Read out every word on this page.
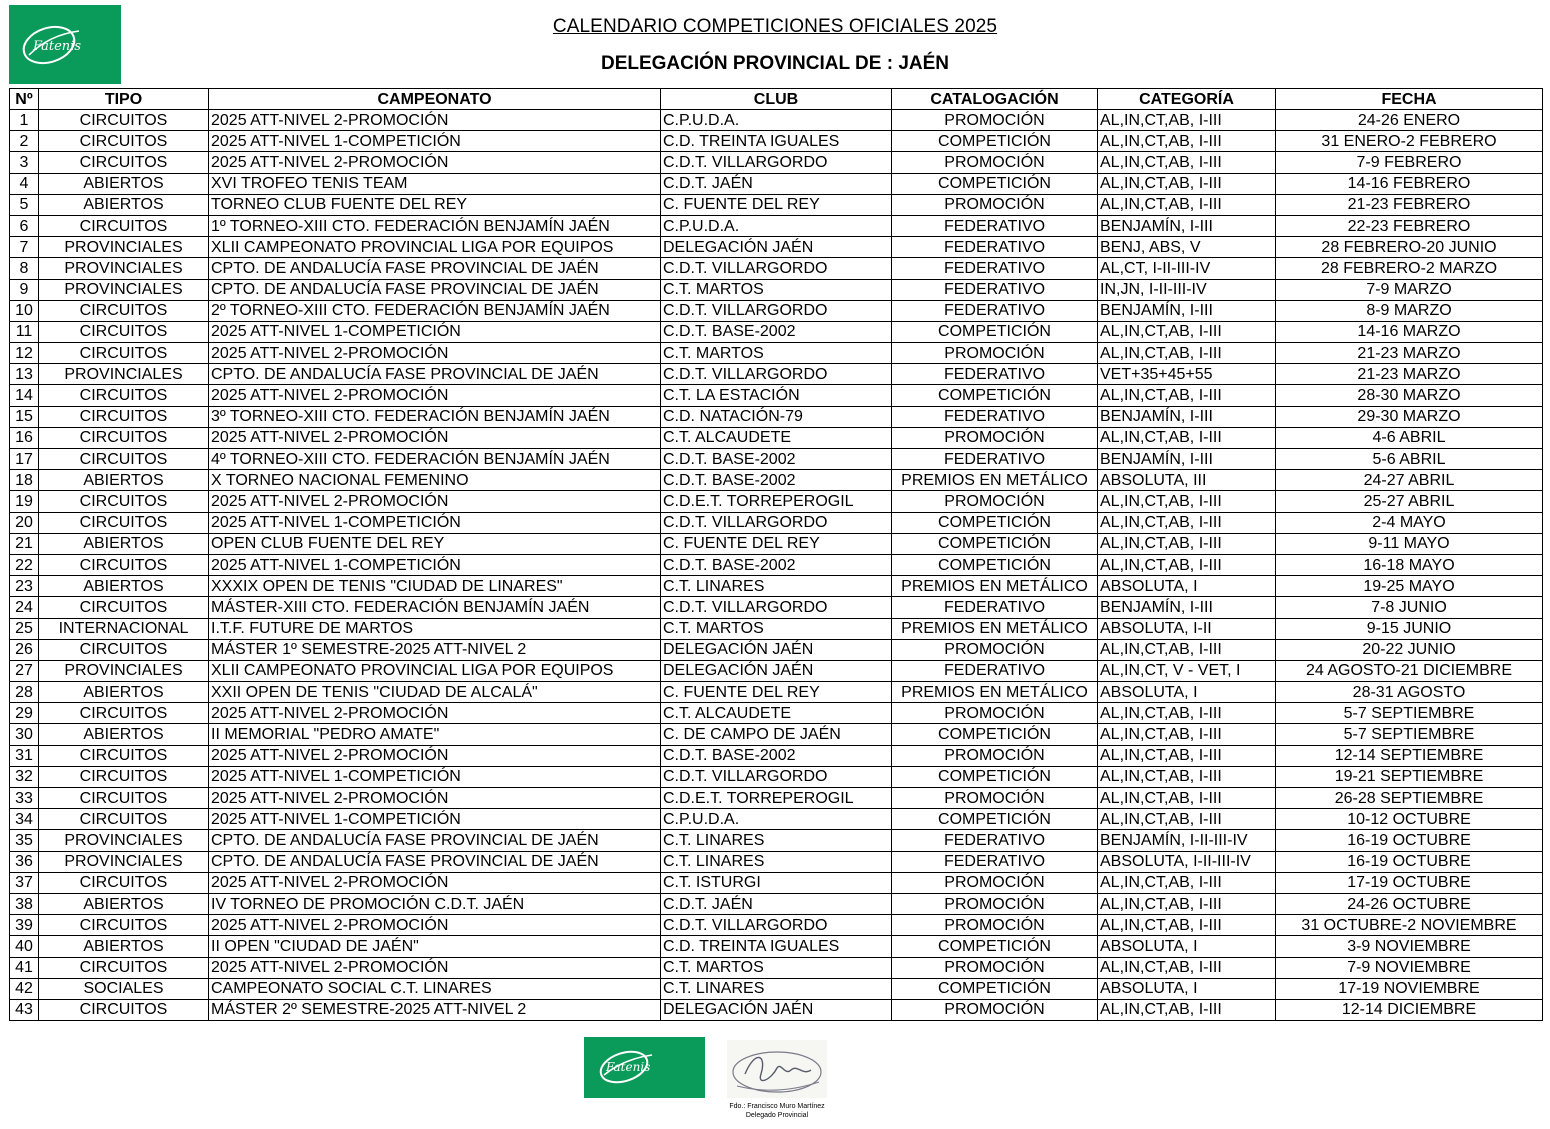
Fatenis
CALENDARIO COMPETICIONES OFICIALES 2025
DELEGACIÓN PROVINCIAL DE : JAÉN
Nº	TIPO	CAMPEONATO	CLUB	CATALOGACIÓN	CATEGORÍA	FECHA
1	CIRCUITOS	2025 ATT-NIVEL 2-PROMOCIÓN	C.P.U.D.A.	PROMOCIÓN	AL,IN,CT,AB, I-III	24-26 ENERO
2	CIRCUITOS	2025 ATT-NIVEL 1-COMPETICIÓN	C.D. TREINTA IGUALES	COMPETICIÓN	AL,IN,CT,AB, I-III	31 ENERO-2 FEBRERO
3	CIRCUITOS	2025 ATT-NIVEL 2-PROMOCIÓN	C.D.T. VILLARGORDO	PROMOCIÓN	AL,IN,CT,AB, I-III	7-9 FEBRERO
4	ABIERTOS	XVI TROFEO TENIS TEAM	C.D.T. JAÉN	COMPETICIÓN	AL,IN,CT,AB, I-III	14-16 FEBRERO
5	ABIERTOS	TORNEO CLUB FUENTE DEL REY	C. FUENTE DEL REY	PROMOCIÓN	AL,IN,CT,AB, I-III	21-23 FEBRERO
6	CIRCUITOS	1º TORNEO-XIII CTO. FEDERACIÓN BENJAMÍN JAÉN	C.P.U.D.A.	FEDERATIVO	BENJAMÍN, I-III	22-23 FEBRERO
7	PROVINCIALES	XLII CAMPEONATO PROVINCIAL LIGA POR EQUIPOS	DELEGACIÓN JAÉN	FEDERATIVO	BENJ, ABS, V	28 FEBRERO-20 JUNIO
8	PROVINCIALES	CPTO. DE ANDALUCÍA FASE PROVINCIAL DE JAÉN	C.D.T. VILLARGORDO	FEDERATIVO	AL,CT, I-II-III-IV	28 FEBRERO-2 MARZO
9	PROVINCIALES	CPTO. DE ANDALUCÍA FASE PROVINCIAL DE JAÉN	C.T. MARTOS	FEDERATIVO	IN,JN, I-II-III-IV	7-9 MARZO
10	CIRCUITOS	2º TORNEO-XIII CTO. FEDERACIÓN BENJAMÍN JAÉN	C.D.T. VILLARGORDO	FEDERATIVO	BENJAMÍN, I-III	8-9 MARZO
11	CIRCUITOS	2025 ATT-NIVEL 1-COMPETICIÓN	C.D.T. BASE-2002	COMPETICIÓN	AL,IN,CT,AB, I-III	14-16 MARZO
12	CIRCUITOS	2025 ATT-NIVEL 2-PROMOCIÓN	C.T. MARTOS	PROMOCIÓN	AL,IN,CT,AB, I-III	21-23 MARZO
13	PROVINCIALES	CPTO. DE ANDALUCÍA FASE PROVINCIAL DE JAÉN	C.D.T. VILLARGORDO	FEDERATIVO	VET+35+45+55	21-23 MARZO
14	CIRCUITOS	2025 ATT-NIVEL 2-PROMOCIÓN	C.T. LA ESTACIÓN	COMPETICIÓN	AL,IN,CT,AB, I-III	28-30 MARZO
15	CIRCUITOS	3º TORNEO-XIII CTO. FEDERACIÓN BENJAMÍN JAÉN	C.D. NATACIÓN-79	FEDERATIVO	BENJAMÍN, I-III	29-30 MARZO
16	CIRCUITOS	2025 ATT-NIVEL 2-PROMOCIÓN	C.T. ALCAUDETE	PROMOCIÓN	AL,IN,CT,AB, I-III	4-6 ABRIL
17	CIRCUITOS	4º TORNEO-XIII CTO. FEDERACIÓN BENJAMÍN JAÉN	C.D.T. BASE-2002	FEDERATIVO	BENJAMÍN, I-III	5-6 ABRIL
18	ABIERTOS	X TORNEO NACIONAL FEMENINO	C.D.T. BASE-2002	PREMIOS EN METÁLICO	ABSOLUTA, III	24-27 ABRIL
19	CIRCUITOS	2025 ATT-NIVEL 2-PROMOCIÓN	C.D.E.T. TORREPEROGIL	PROMOCIÓN	AL,IN,CT,AB, I-III	25-27 ABRIL
20	CIRCUITOS	2025 ATT-NIVEL 1-COMPETICIÓN	C.D.T. VILLARGORDO	COMPETICIÓN	AL,IN,CT,AB, I-III	2-4 MAYO
21	ABIERTOS	OPEN CLUB FUENTE DEL REY	C. FUENTE DEL REY	COMPETICIÓN	AL,IN,CT,AB, I-III	9-11 MAYO
22	CIRCUITOS	2025 ATT-NIVEL 1-COMPETICIÓN	C.D.T. BASE-2002	COMPETICIÓN	AL,IN,CT,AB, I-III	16-18 MAYO
23	ABIERTOS	XXXIX OPEN DE TENIS "CIUDAD DE LINARES"	C.T. LINARES	PREMIOS EN METÁLICO	ABSOLUTA, I	19-25 MAYO
24	CIRCUITOS	MÁSTER-XIII CTO. FEDERACIÓN BENJAMÍN JAÉN	C.D.T. VILLARGORDO	FEDERATIVO	BENJAMÍN, I-III	7-8 JUNIO
25	INTERNACIONAL	I.T.F. FUTURE DE MARTOS	C.T. MARTOS	PREMIOS EN METÁLICO	ABSOLUTA, I-II	9-15 JUNIO
26	CIRCUITOS	MÁSTER 1º SEMESTRE-2025 ATT-NIVEL 2	DELEGACIÓN JAÉN	PROMOCIÓN	AL,IN,CT,AB, I-III	20-22 JUNIO
27	PROVINCIALES	XLII CAMPEONATO PROVINCIAL LIGA POR EQUIPOS	DELEGACIÓN JAÉN	FEDERATIVO	AL,IN,CT, V - VET, I	24 AGOSTO-21 DICIEMBRE
28	ABIERTOS	XXII OPEN DE TENIS "CIUDAD DE ALCALÁ"	C. FUENTE DEL REY	PREMIOS EN METÁLICO	ABSOLUTA, I	28-31 AGOSTO
29	CIRCUITOS	2025 ATT-NIVEL 2-PROMOCIÓN	C.T. ALCAUDETE	PROMOCIÓN	AL,IN,CT,AB, I-III	5-7 SEPTIEMBRE
30	ABIERTOS	II MEMORIAL "PEDRO AMATE"	C. DE CAMPO DE JAÉN	COMPETICIÓN	AL,IN,CT,AB, I-III	5-7 SEPTIEMBRE
31	CIRCUITOS	2025 ATT-NIVEL 2-PROMOCIÓN	C.D.T. BASE-2002	PROMOCIÓN	AL,IN,CT,AB, I-III	12-14 SEPTIEMBRE
32	CIRCUITOS	2025 ATT-NIVEL 1-COMPETICIÓN	C.D.T. VILLARGORDO	COMPETICIÓN	AL,IN,CT,AB, I-III	19-21 SEPTIEMBRE
33	CIRCUITOS	2025 ATT-NIVEL 2-PROMOCIÓN	C.D.E.T. TORREPEROGIL	PROMOCIÓN	AL,IN,CT,AB, I-III	26-28 SEPTIEMBRE
34	CIRCUITOS	2025 ATT-NIVEL 1-COMPETICIÓN	C.P.U.D.A.	COMPETICIÓN	AL,IN,CT,AB, I-III	10-12 OCTUBRE
35	PROVINCIALES	CPTO. DE ANDALUCÍA FASE PROVINCIAL DE JAÉN	C.T. LINARES	FEDERATIVO	BENJAMÍN, I-II-III-IV	16-19 OCTUBRE
36	PROVINCIALES	CPTO. DE ANDALUCÍA FASE PROVINCIAL DE JAÉN	C.T. LINARES	FEDERATIVO	ABSOLUTA, I-II-III-IV	16-19 OCTUBRE
37	CIRCUITOS	2025 ATT-NIVEL 2-PROMOCIÓN	C.T. ISTURGI	PROMOCIÓN	AL,IN,CT,AB, I-III	17-19 OCTUBRE
38	ABIERTOS	IV TORNEO DE PROMOCIÓN C.D.T. JAÉN	C.D.T. JAÉN	PROMOCIÓN	AL,IN,CT,AB, I-III	24-26 OCTUBRE
39	CIRCUITOS	2025 ATT-NIVEL 2-PROMOCIÓN	C.D.T. VILLARGORDO	PROMOCIÓN	AL,IN,CT,AB, I-III	31 OCTUBRE-2 NOVIEMBRE
40	ABIERTOS	II OPEN "CIUDAD DE JAÉN"	C.D. TREINTA IGUALES	COMPETICIÓN	ABSOLUTA, I	3-9 NOVIEMBRE
41	CIRCUITOS	2025 ATT-NIVEL 2-PROMOCIÓN	C.T. MARTOS	PROMOCIÓN	AL,IN,CT,AB, I-III	7-9 NOVIEMBRE
42	SOCIALES	CAMPEONATO SOCIAL C.T. LINARES	C.T. LINARES	COMPETICIÓN	ABSOLUTA, I	17-19 NOVIEMBRE
43	CIRCUITOS	MÁSTER 2º SEMESTRE-2025 ATT-NIVEL 2	DELEGACIÓN JAÉN	PROMOCIÓN	AL,IN,CT,AB, I-III	12-14 DICIEMBRE
Fatenis
Fdo.: Francisco Muro Martínez
Delegado Provincial
